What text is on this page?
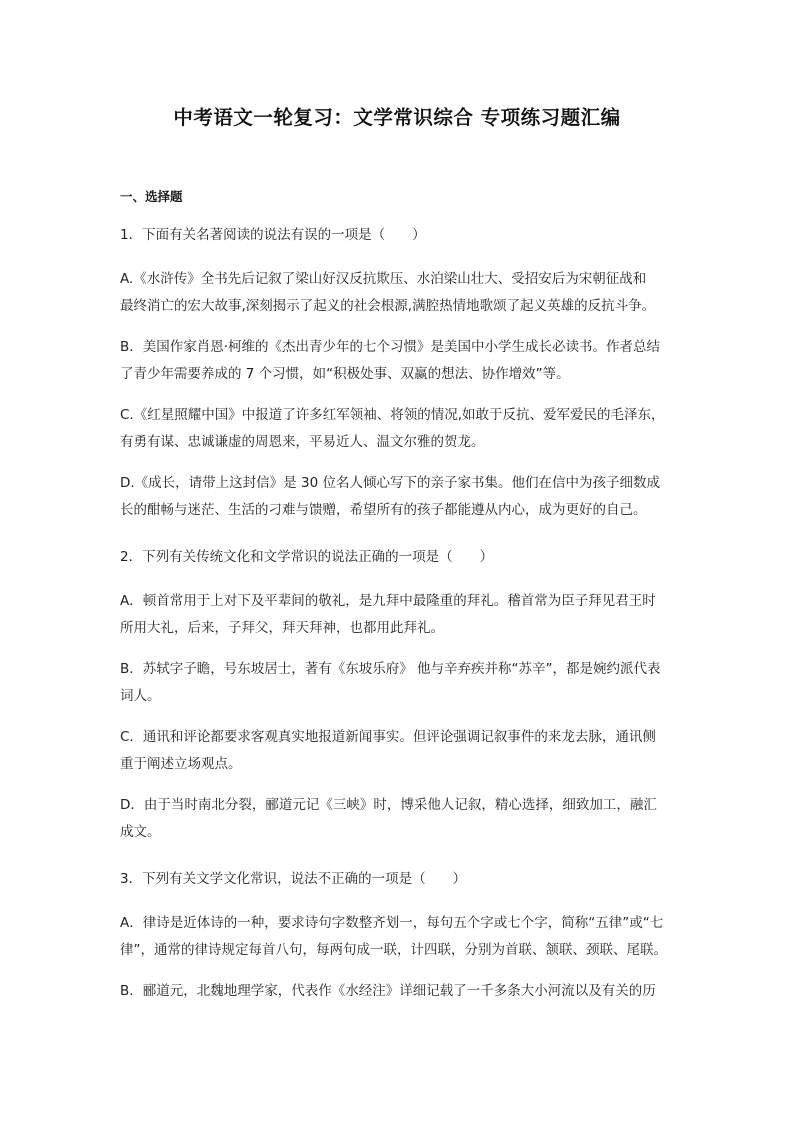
中考语文一轮复习：文学常识综合 专项练习题汇编
一、选择题
1．下面有关名著阅读的说法有误的一项是（　　）
A.《水浒传》全书先后记叙了梁山好汉反抗欺压、水泊梁山壮大、受招安后为宋朝征战和
最终消亡的宏大故事,深刻揭示了起义的社会根源,满腔热情地歌颂了起义英雄的反抗斗争。
B．美国作家肖恩·柯维的《杰出青少年的七个习惯》是美国中小学生成长必读书。作者总结
了青少年需要养成的 7 个习惯，如“积极处事、双赢的想法、协作增效”等。
C.《红星照耀中国》中报道了许多红军领袖、将领的情况,如敢于反抗、爱军爱民的毛泽东，
有勇有谋、忠诚谦虚的周恩来，平易近人、温文尔雅的贺龙。
D.《成长，请带上这封信》是 30 位名人倾心写下的亲子家书集。他们在信中为孩子细数成
长的酣畅与迷茫、生活的刁难与馈赠，希望所有的孩子都能遵从内心，成为更好的自己。
2．下列有关传统文化和文学常识的说法正确的一项是（　　）
A．顿首常用于上对下及平辈间的敬礼，是九拜中最隆重的拜礼。稽首常为臣子拜见君王时
所用大礼，后来，子拜父，拜天拜神，也都用此拜礼。
B．苏轼字子瞻，号东坡居士，著有《东坡乐府》 他与辛弃疾并称“苏辛”，都是婉约派代表
词人。
C．通讯和评论都要求客观真实地报道新闻事实。但评论强调记叙事件的来龙去脉，通讯侧
重于阐述立场观点。
D．由于当时南北分裂，郦道元记《三峡》时，博采他人记叙，精心选择，细致加工，融汇
成文。
3．下列有关文学文化常识，说法不正确的一项是（　　）
A．律诗是近体诗的一种，要求诗句字数整齐划一，每句五个字或七个字，简称“五律”或“七
律”，通常的律诗规定每首八句，每两句成一联，计四联，分别为首联、颔联、颈联、尾联。
B．郦道元，北魏地理学家，代表作《水经注》详细记载了一千多条大小河流以及有关的历
